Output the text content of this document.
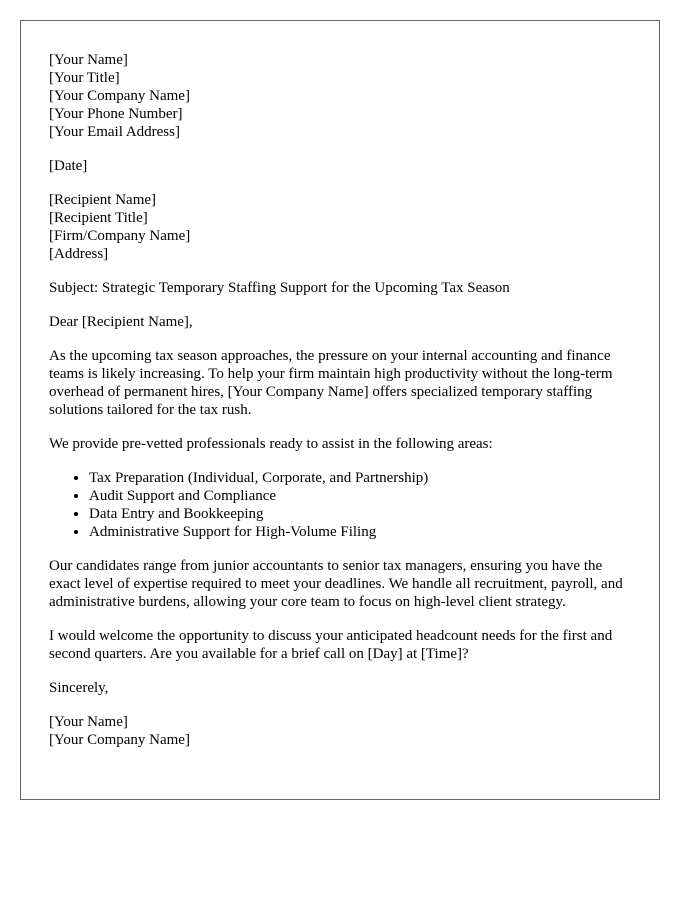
[Your Name]
[Your Title]
[Your Company Name]
[Your Phone Number]
[Your Email Address]

[Date]

[Recipient Name]
[Recipient Title]
[Firm/Company Name]
[Address]

Subject: Strategic Temporary Staffing Support for the Upcoming Tax Season

Dear [Recipient Name],

As the upcoming tax season approaches, the pressure on your internal accounting and finance teams is likely increasing. To help your firm maintain high productivity without the long-term overhead of permanent hires, [Your Company Name] offers specialized temporary staffing solutions tailored for the tax rush.

We provide pre-vetted professionals ready to assist in the following areas:

• Tax Preparation (Individual, Corporate, and Partnership)
• Audit Support and Compliance
• Data Entry and Bookkeeping
• Administrative Support for High-Volume Filing

Our candidates range from junior accountants to senior tax managers, ensuring you have the exact level of expertise required to meet your deadlines. We handle all recruitment, payroll, and administrative burdens, allowing your core team to focus on high-level client strategy.

I would welcome the opportunity to discuss your anticipated headcount needs for the first and second quarters. Are you available for a brief call on [Day] at [Time]?

Sincerely,

[Your Name]
[Your Company Name]
